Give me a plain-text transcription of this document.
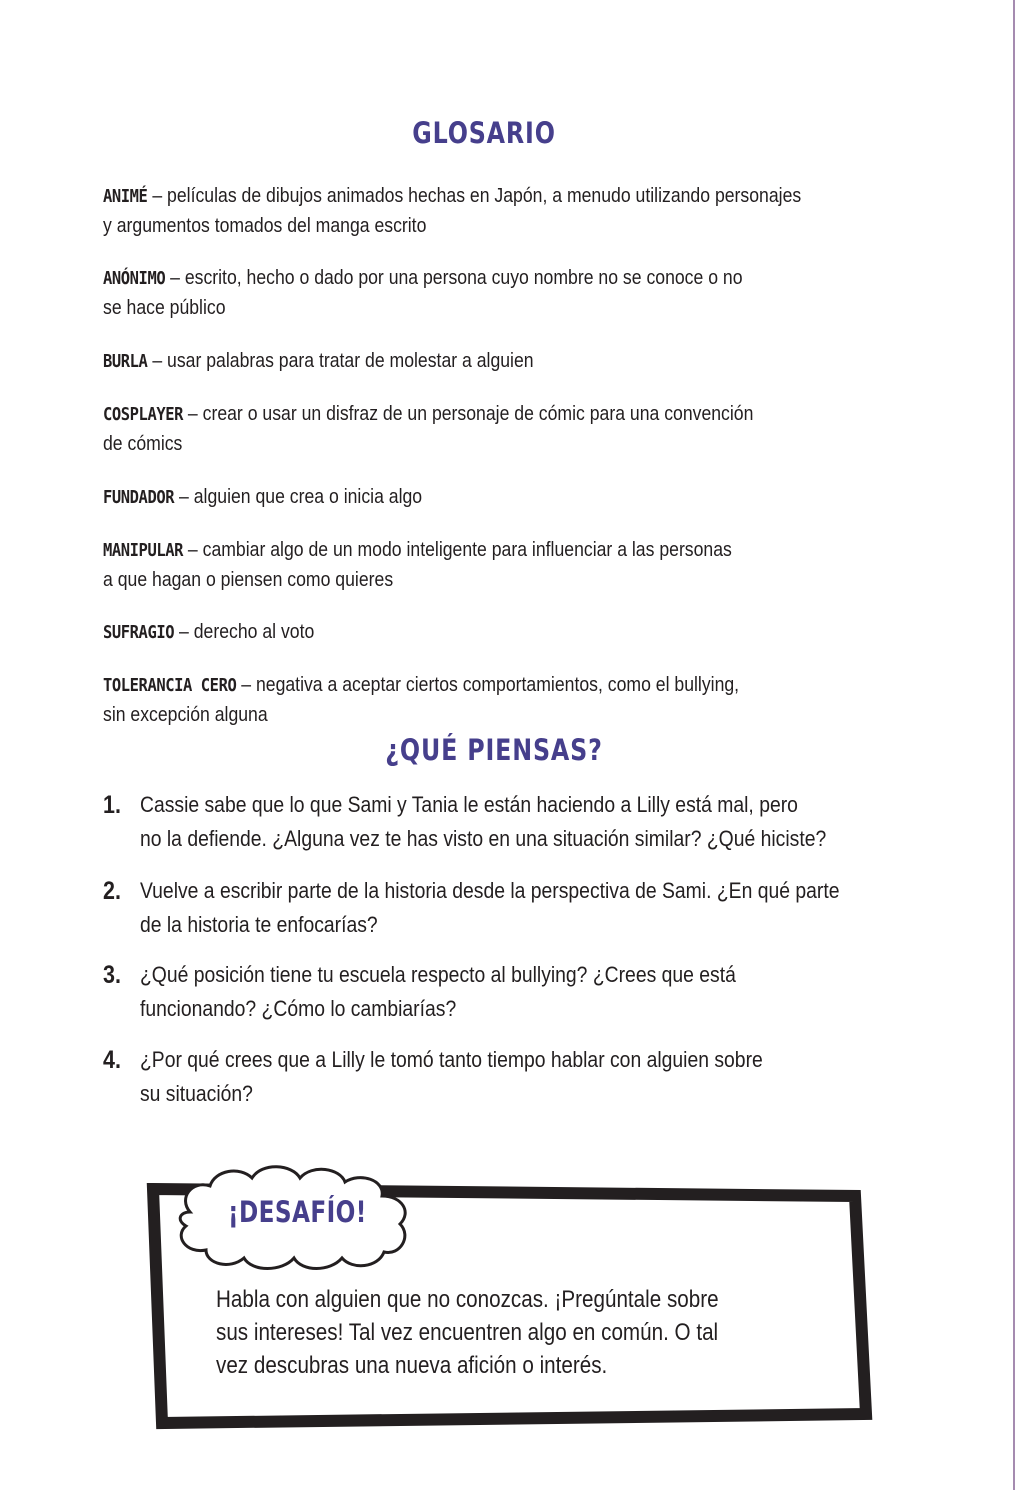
GLOSARIO
ANIMÉ – películas de dibujos animados hechas en Japón, a menudo utilizando personajes
y argumentos tomados del manga escrito
ANÓNIMO – escrito, hecho o dado por una persona cuyo nombre no se conoce o no
se hace público
BURLA – usar palabras para tratar de molestar a alguien
COSPLAYER – crear o usar un disfraz de un personaje de cómic para una convención
de cómics
FUNDADOR – alguien que crea o inicia algo
MANIPULAR – cambiar algo de un modo inteligente para influenciar a las personas
a que hagan o piensen como quieres
SUFRAGIO – derecho al voto
TOLERANCIA CERO – negativa a aceptar ciertos comportamientos, como el bullying,
sin excepción alguna
¿QUÉ PIENSAS?
1. Cassie sabe que lo que Sami y Tania le están haciendo a Lilly está mal, pero
no la defiende. ¿Alguna vez te has visto en una situación similar? ¿Qué hiciste?
2. Vuelve a escribir parte de la historia desde la perspectiva de Sami. ¿En qué parte
de la historia te enfocarías?
3. ¿Qué posición tiene tu escuela respecto al bullying? ¿Crees que está
funcionando? ¿Cómo lo cambiarías?
4. ¿Por qué crees que a Lilly le tomó tanto tiempo hablar con alguien sobre
su situación?
¡DESAFÍO!
Habla con alguien que no conozcas. ¡Pregúntale sobre
sus intereses! Tal vez encuentren algo en común. O tal
vez descubras una nueva afición o interés.
